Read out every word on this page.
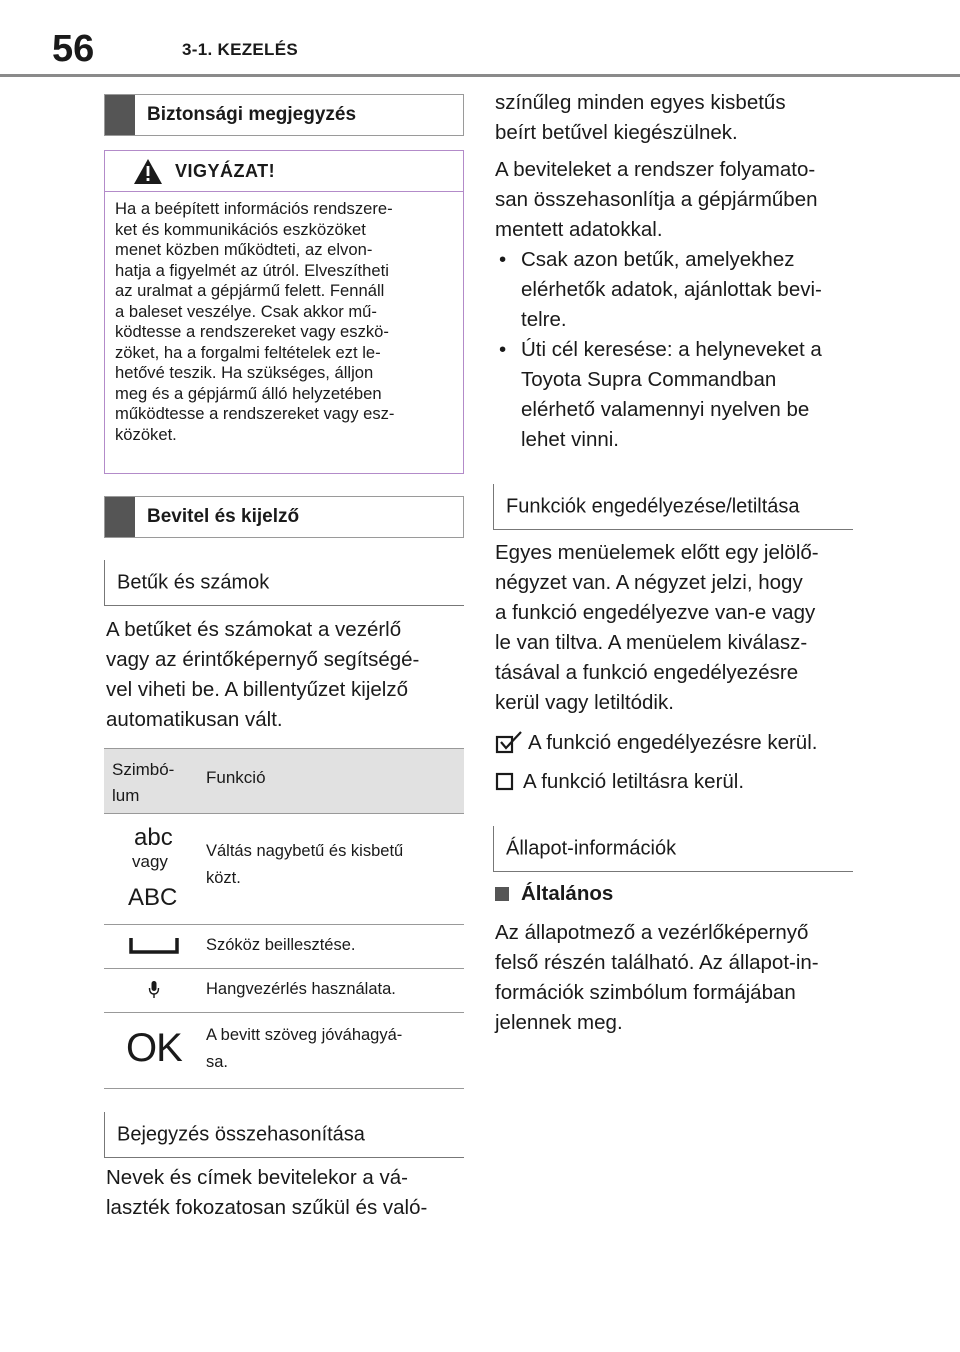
56	3-1. KEZELÉS
Biztonsági megjegyzés
VIGYÁZAT!
Ha a beépített információs rendszere-
ket és kommunikációs eszközöket
menet közben működteti, az elvon-
hatja a figyelmét az útról. Elveszítheti
az uralmat a gépjármű felett. Fennáll
a baleset veszélye. Csak akkor mű-
ködtesse a rendszereket vagy eszkö-
zöket, ha a forgalmi feltételek ezt le-
hetővé teszik. Ha szükséges, álljon
meg és a gépjármű álló helyzetében
működtesse a rendszereket vagy esz-
közöket.
Bevitel és kijelző
Betűk és számok

A betűket és számokat a vezérlő

vagy az érintőképernyő segítségé-

vel viheti be. A billentyűzet kijelző

automatikusan vált.

Szimbó-
lum
Funkció
abc
vagy
ABC
Váltás nagybetű és kisbetű
közt.
Szóköz beillesztése.
Hangvezérlés használata.
OK A bevitt szöveg jóváhagyá-
sa.
Bejegyzés összehasonítása

Nevek és címek bevitelekor a vá-

laszték fokozatosan szűkül és való-

színűleg minden egyes kisbetűs

beírt betűvel kiegészülnek.

A beviteleket a rendszer folyamato-

san összehasonlítja a gépjárműben

mentett adatokkal.

• Csak azon betűk, amelyekhez
elérhetők adatok, ajánlottak bevi-
telre.
• Úti cél keresése: a helyneveket a
Toyota Supra Commandban
elérhető valamennyi nyelven be
lehet vinni.
Funkciók engedélyezése/letiltása

Egyes menüelemek előtt egy jelölő-

négyzet van. A négyzet jelzi, hogy

a funkció engedélyezve van-e vagy

le van tiltva. A menüelem kiválasz-

tásával a funkció engedélyezésre

kerül vagy letiltódik.

A funkció engedélyezésre kerül.
A funkció letiltásra kerül.
Állapot-információk
Általános

Az állapotmező a vezérlőképernyő

felső részén található. Az állapot-in-

formációk szimbólum formájában

jelennek meg.
